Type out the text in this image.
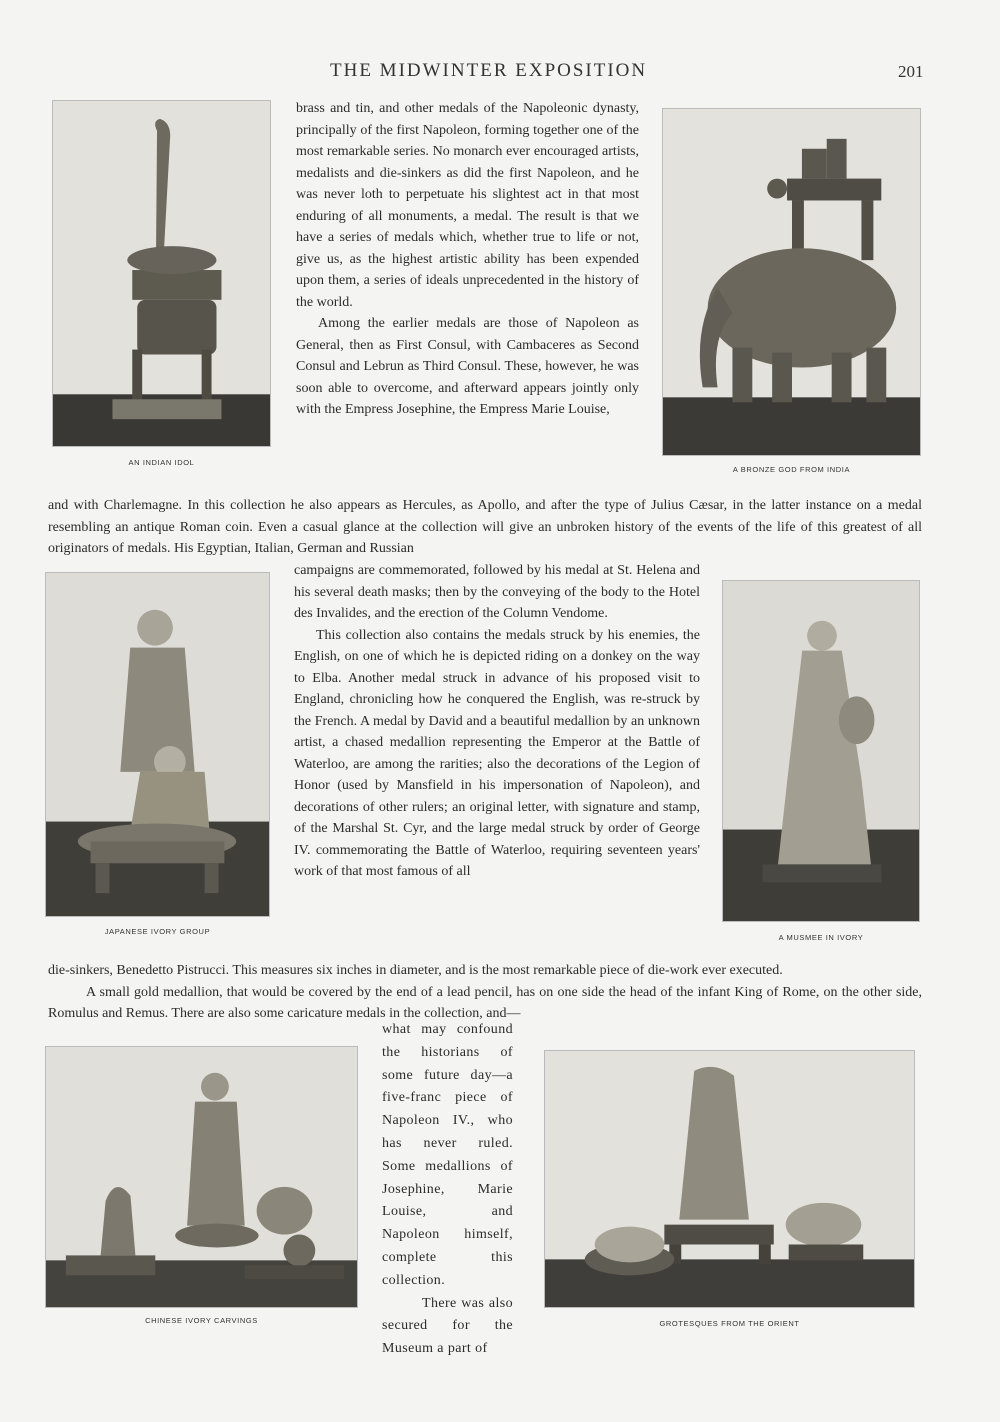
THE MIDWINTER EXPOSITION	201
AN INDIAN IDOL
A BRONZE GOD FROM INDIA

brass and tin, and other medals of the Napoleonic dynasty, principally of the first Napoleon, forming together one of the most remarkable series. No monarch ever encouraged artists, medalists and die-sinkers as did the first Napoleon, and he was never loth to perpetuate his slightest act in that most enduring of all monuments, a medal. The result is that we have a series of medals which, whether true to life or not, give us, as the highest artistic ability has been expended upon them, a series of ideals unprecedented in the history of the world.

Among the earlier medals are those of Napoleon as General, then as First Consul, with Cambaceres as Second Consul and Lebrun as Third Consul. These, however, he was soon able to overcome, and afterward appears jointly only with the Empress Josephine, the Empress Marie Louise,

and with Charlemagne. In this collection he also appears as Hercules, as Apollo, and after the type of Julius Cæsar, in the latter instance on a medal resembling an antique Roman coin. Even a casual glance at the collection will give an unbroken history of the events of the life of this greatest of all originators of medals. His Egyptian, Italian, German and Russian

JAPANESE IVORY GROUP
A MUSMEE IN IVORY

campaigns are commemorated, followed by his medal at St. Helena and his several death masks; then by the conveying of the body to the Hotel des Invalides, and the erection of the Column Vendome.

This collection also contains the medals struck by his enemies, the English, on one of which he is depicted riding on a donkey on the way to Elba. Another medal struck in advance of his proposed visit to England, chronicling how he conquered the English, was re-struck by the French. A medal by David and a beautiful medallion by an unknown artist, a chased medallion representing the Emperor at the Battle of Waterloo, are among the rarities; also the decorations of the Legion of Honor (used by Mansfield in his impersonation of Napoleon), and decorations of other rulers; an original letter, with signature and stamp, of the Marshal St. Cyr, and the large medal struck by order of George IV. commemorating the Battle of Waterloo, requiring seventeen years' work of that most famous of all

die-sinkers, Benedetto Pistrucci. This measures six inches in diameter, and is the most remarkable piece of die-work ever executed.

A small gold medallion, that would be covered by the end of a lead pencil, has on one side the head of the infant King of Rome, on the other side, Romulus and Remus. There are also some caricature medals in the collection, and—

CHINESE IVORY CARVINGS

what may confound the historians of some future day—a five-franc piece of Napoleon IV., who has never ruled. Some medallions of Josephine, Marie Louise, and Napoleon himself, complete this collection.

There was also secured for the Museum a part of

GROTESQUES FROM THE ORIENT
